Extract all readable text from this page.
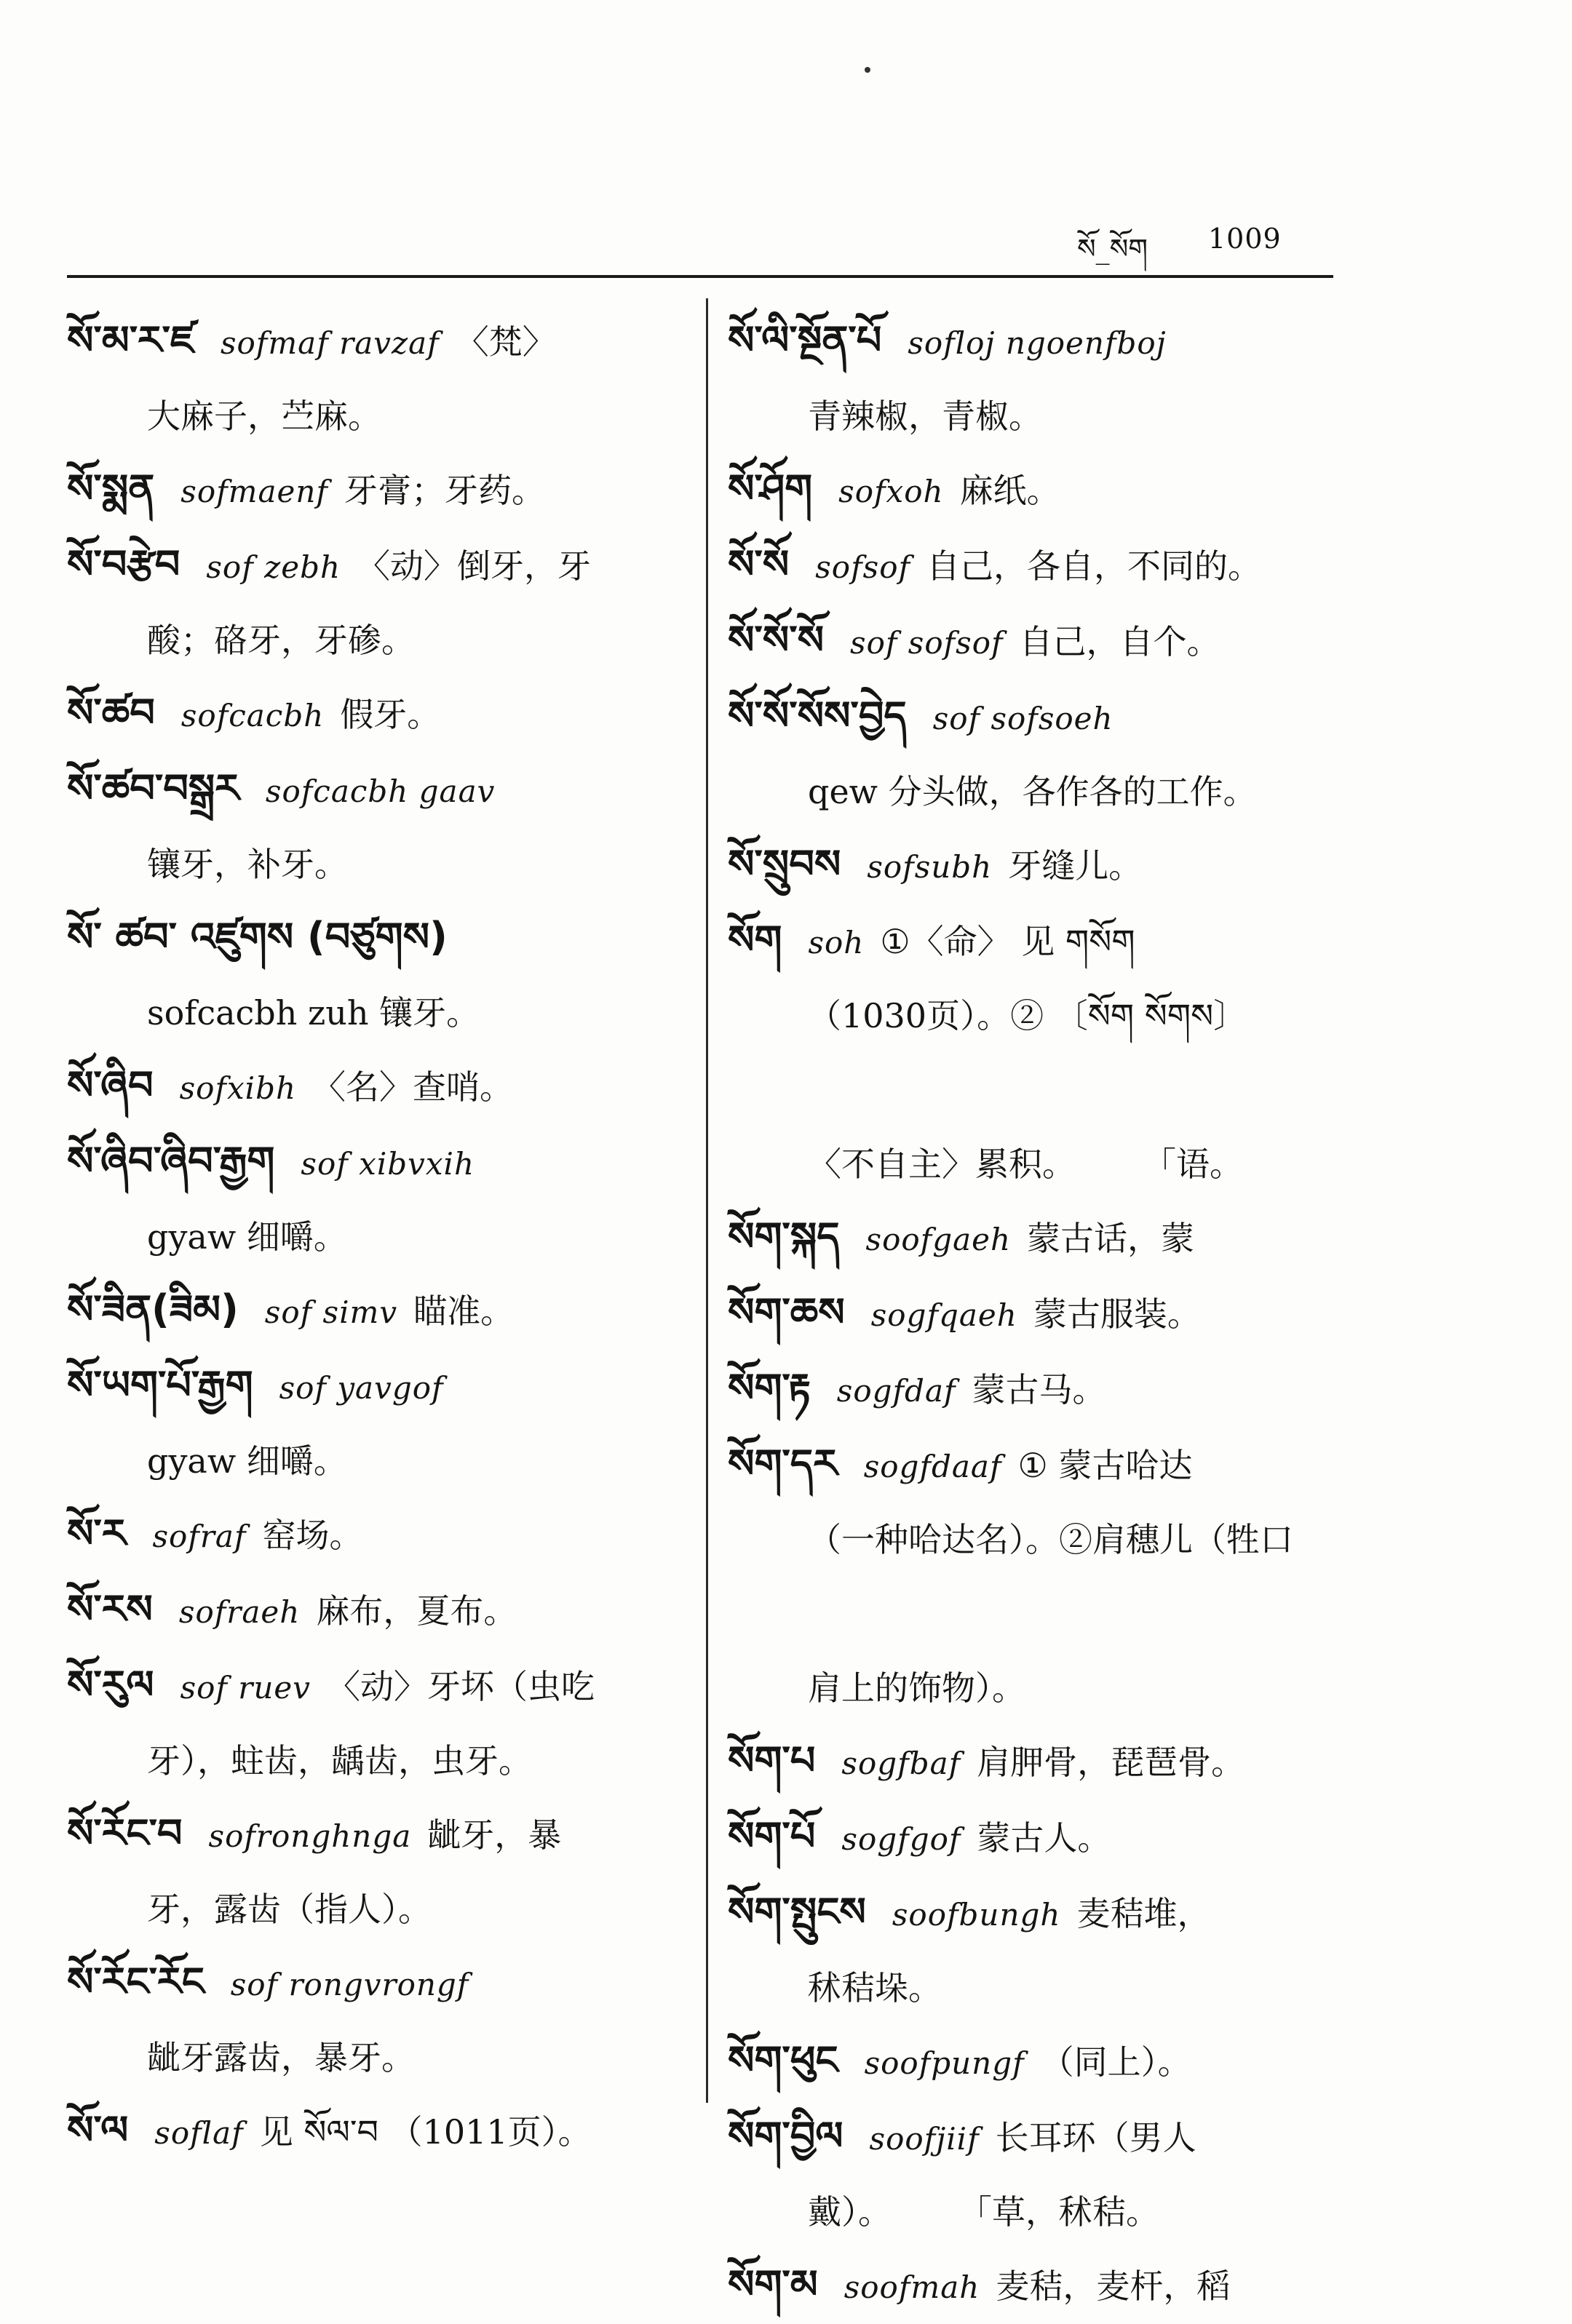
སོ_སོག 1009
སོ་མ་ར་ཛ sofmaf ravzaf 〈梵〉
大麻子，苎麻。
སོ་སྨན sofmaenf 牙膏；牙药。
སོ་བརྩེབ sof zebh 〈动〉倒牙，牙
酸；硌牙，牙碜。
སོ་ཚབ sofcacbh 假牙。
སོ་ཚབ་བསྒྲར sofcacbh gaav
镶牙，补牙。
སོ་ ཚབ་ འཛུགས (བཙུགས)
sofcacbh zuh 镶牙。
སོ་ཞིབ sofxibh 〈名〉查哨。
སོ་ཞིབ་ཞིབ་རྒྱག sof xibvxih
gyaw 细嚼。
སོ་ཟིན(ཟིམ) sof simv 瞄准。
སོ་ཡག་པོ་རྒྱག sof yavgof
gyaw 细嚼。
སོ་ར sofraf 窑场。
སོ་རས sofraeh 麻布，夏布。
སོ་རུལ sof ruev 〈动〉牙坏（虫吃
牙），蛀齿，龋齿，虫牙。
སོ་རོང་བ sofronghnga 龇牙，暴
牙，露齿（指人）。
སོ་རོང་རོང sof rongvrongf
龇牙露齿，暴牙。
སོ་ལ soflaf 见 སོལ་བ （1011页）。
སོ་ལི་སྔོན་པོ sofloj ngoenfboj
青辣椒，青椒。
སོ་ཤོག sofxoh 麻纸。
སོ་སོ sofsof 自己，各自，不同的。
སོ་སོ་སོ sof sofsof 自己，自个。
སོ་སོ་སོས་བྱེད sof sofsoeh
qew 分头做，各作各的工作。
སོ་སྲུབས sofsubh 牙缝儿。
སོག soh ①〈命〉 见 གསོག
（1030页）。② 〔སོག སོགས〕
〈不自主〉累积。　　　「语。
སོག་སྐད soofgaeh 蒙古话，蒙
སོག་ཆས sogfqaeh 蒙古服装。
སོག་རྟ sogfdaf 蒙古马。
སོག་དར sogfdaaf ① 蒙古哈达
（一种哈达名）。②肩穗儿（牲口
肩上的饰物）。
སོག་པ sogfbaf 肩胛骨，琵琶骨。
སོག་པོ sogfgof 蒙古人。
སོག་སྤུངས soofbungh 麦秸堆，
秫秸垛。
སོག་ཕུང soofpungf （同上）。
སོག་བྱིལ soofjiif 长耳环（男人
戴）。　　　「草，秫秸。
སོག་མ soofmah 麦秸，麦杆，稻
